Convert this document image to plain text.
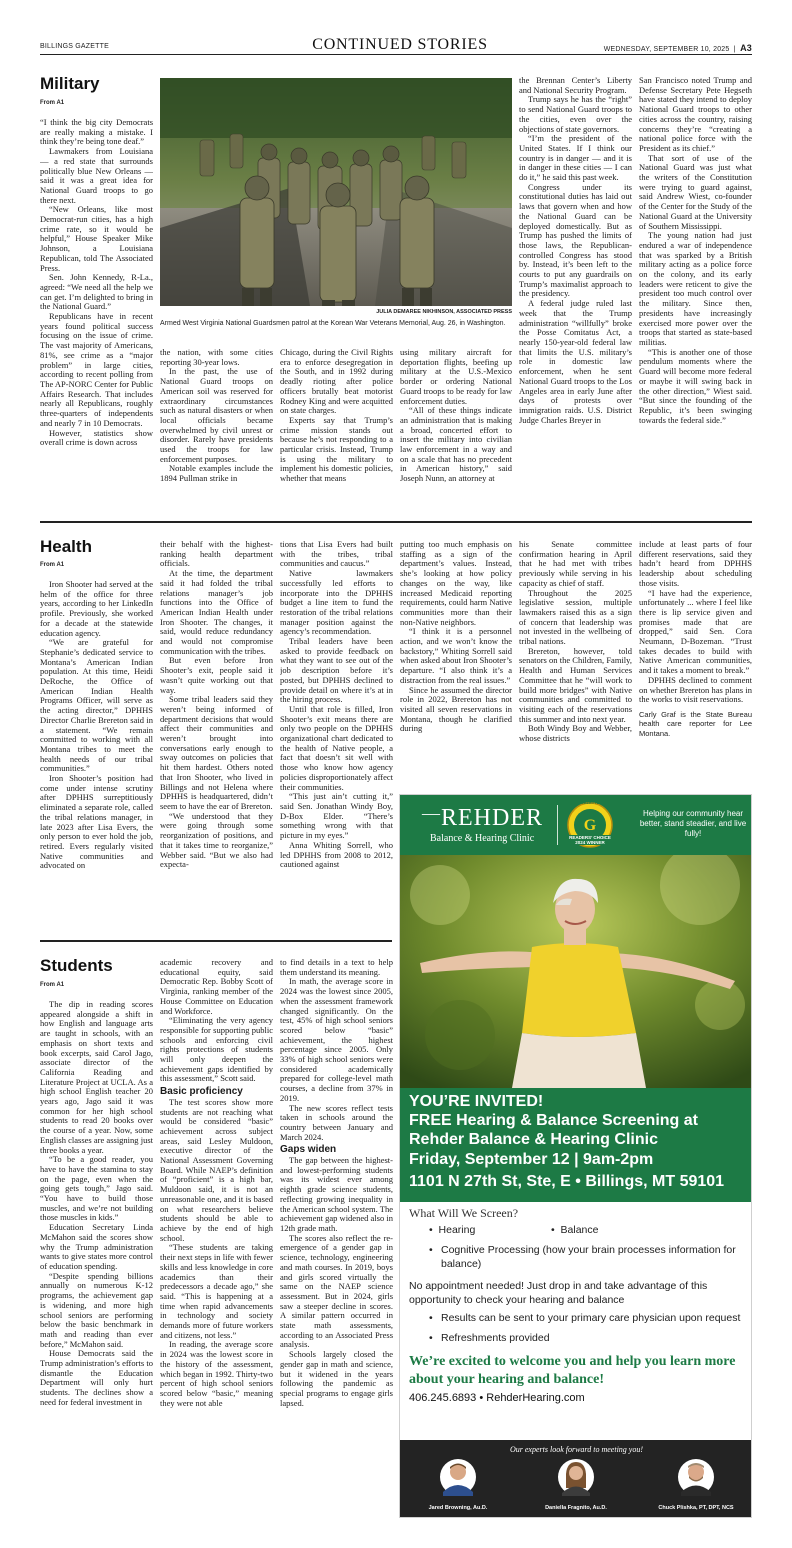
BILLINGS GAZETTE	CONTINUED STORIES	WEDNESDAY, SEPTEMBER 10, 2025  |  A3
Military
From A1

“I think the big city Democrats are really making a mistake. I think they’re being tone deaf.”

Lawmakers from Louisiana — a red state that surrounds politically blue New Orleans — said it was a great idea for National Guard troops to go there next.

“New Orleans, like most Democrat-run cities, has a high crime rate, so it would be helpful,” House Speaker Mike Johnson, a Louisiana Republican, told The Associated Press.

Sen. John Kennedy, R-La., agreed: “We need all the help we can get. I’m delighted to bring in the National Guard.”

Republicans have in recent years found political success focusing on the issue of crime. The vast majority of Americans, 81%, see crime as a “major problem” in large cities, according to recent polling from The AP-NORC Center for Public Affairs Research. That includes nearly all Republicans, roughly three-quarters of independents and nearly 7 in 10 Democrats.

However, statistics show overall crime is down across

JULIA DEMAREE NIKHINSON, ASSOCIATED PRESS
Armed West Virginia National Guardsmen patrol at the Korean War Veterans Memorial, Aug. 26, in Washington.

the nation, with some cities reporting 30-year lows.

In the past, the use of National Guard troops on American soil was reserved for extraordinary circumstances such as natural disasters or when local officials became overwhelmed by civil unrest or disorder. Rarely have presidents used the troops for law enforcement purposes.

Notable examples include the 1894 Pullman strike in

Chicago, during the Civil Rights era to enforce desegregation in the South, and in 1992 during deadly rioting after police officers brutally beat motorist Rodney King and were acquitted on state charges.

Experts say that Trump’s crime mission stands out because he’s not responding to a particular crisis. Instead, Trump is using the military to implement his domestic policies, whether that means

using military aircraft for deportation flights, beefing up military at the U.S.-Mexico border or ordering National Guard troops to be ready for law enforcement duties.

“All of these things indicate an administration that is making a broad, concerted effort to insert the military into civilian law enforcement in a way and on a scale that has no precedent in American history,” said Joseph Nunn, an attorney at

the Brennan Center’s Liberty and National Security Program.

Trump says he has the “right” to send National Guard troops to the cities, even over the objections of state governors.

“I’m the president of the United States. If I think our country is in danger — and it is in danger in these cities — I can do it,” he said this past week.

Congress under its constitutional duties has laid out laws that govern when and how the National Guard can be deployed domestically. But as Trump has pushed the limits of those laws, the Republican-controlled Congress has stood by. Instead, it’s been left to the courts to put any guardrails on Trump’s maximalist approach to the presidency.

A federal judge ruled last week that the Trump administration “willfully” broke the Posse Comitatus Act, a nearly 150-year-old federal law that limits the U.S. military’s role in domestic law enforcement, when he sent National Guard troops to the Los Angeles area in early June after days of protests over immigration raids. U.S. District Judge Charles Breyer in

San Francisco noted Trump and Defense Secretary Pete Hegseth have stated they intend to deploy National Guard troops to other cities across the country, raising concerns they’re “creating a national police force with the President as its chief.”

That sort of use of the National Guard was just what the writers of the Constitution were trying to guard against, said Andrew Wiest, co-founder of the Center for the Study of the National Guard at the University of Southern Mississippi.

The young nation had just endured a war of independence that was sparked by a British military acting as a police force on the colony, and its early leaders were reticent to give the president too much control over the military. Since then, presidents have increasingly exercised more power over the troops that started as state-based militias.

“This is another one of those pendulum moments where the Guard will become more federal or maybe it will swing back in the other direction,” Wiest said. “But since the founding of the Republic, it’s been swinging towards the federal side.”

Health
From A1

Iron Shooter had served at the helm of the office for three years, according to her LinkedIn profile. Previously, she worked for a decade at the statewide education agency.

“We are grateful for Stephanie’s dedicated service to Montana’s American Indian population. At this time, Heidi DeRoche, the Office of American Indian Health Programs Officer, will serve as the acting director,” DPHHS Director Charlie Brereton said in a statement. “We remain committed to working with all Montana tribes to meet the health needs of our tribal communities.”

Iron Shooter’s position had come under intense scrutiny after DPHHS surreptitiously eliminated a separate role, called the tribal relations manager, in late 2023 after Lisa Evers, the only person to ever hold the job, retired. Evers regularly visited Native communities and advocated on

their behalf with the highest-ranking health department officials.

At the time, the department said it had folded the tribal relations manager’s job functions into the Office of American Indian Health under Iron Shooter. The changes, it said, would reduce redundancy and would not compromise communication with the tribes.

But even before Iron Shooter’s exit, people said it wasn’t quite working out that way.

Some tribal leaders said they weren’t being informed of department decisions that would affect their communities and weren’t brought into conversations early enough to sway outcomes on policies that hit them hardest. Others noted that Iron Shooter, who lived in Billings and not Helena where DPHHS is headquartered, didn’t seem to have the ear of Brereton.

“We understood that they were going through some reorganization of positions, and that it takes time to reorganize,” Webber said. “But we also had expecta-

tions that Lisa Evers had built with the tribes, tribal communities and caucus.”

Native lawmakers successfully led efforts to incorporate into the DPHHS budget a line item to fund the restoration of the tribal relations manager position against the agency’s recommendation.

Tribal leaders have been asked to provide feedback on what they want to see out of the job description before it’s posted, but DPHHS declined to provide detail on where it’s at in the hiring process.

Until that role is filled, Iron Shooter’s exit means there are only two people on the DPHHS organizational chart dedicated to the health of Native people, a fact that doesn’t sit well with those who know how agency policies disproportionately affect their communities.

“This just ain’t cutting it,” said Sen. Jonathan Windy Boy, D-Box Elder. “There’s something wrong with that picture in my eyes.”

Anna Whiting Sorrell, who led DPHHS from 2008 to 2012, cautioned against

putting too much emphasis on staffing as a sign of the department’s values. Instead, she’s looking at how policy changes on the way, like increased Medicaid reporting requirements, could harm Native communities more than their non-Native neighbors.

“I think it is a personnel action, and we won’t know the backstory,” Whiting Sorrell said when asked about Iron Shooter’s departure. “I also think it’s a distraction from the real issues.”

Since he assumed the director role in 2022, Brereton has not visited all seven reservations in Montana, though he clarified during

his Senate committee confirmation hearing in April that he had met with tribes previously while serving in his capacity as chief of staff.

Throughout the 2025 legislative session, multiple lawmakers raised this as a sign of concern that leadership was not invested in the wellbeing of tribal nations.

Brereton, however, told senators on the Children, Family, Health and Human Services Committee that he “will work to build more bridges” with Native communities and committed to visiting each of the reservations this summer and into next year.

Both Windy Boy and Webber, whose districts

include at least parts of four different reservations, said they hadn’t heard from DPHHS leadership about scheduling those visits.

“I have had the experience, unfortunately ... where I feel like there is lip service given and promises made that are dropped,” said Sen. Cora Neumann, D-Bozeman. “Trust takes decades to build with Native American communities, and it takes a moment to break.”

DPHHS declined to comment on whether Brereton has plans in the works to visit reservations.

Carly Graf is the State Bureau health care reporter for Lee Montana.

Students
From A1

The dip in reading scores appeared alongside a shift in how English and language arts are taught in schools, with an emphasis on short texts and book excerpts, said Carol Jago, associate director of the California Reading and Literature Project at UCLA. As a high school English teacher 20 years ago, Jago said it was common for her high school students to read 20 books over the course of a year. Now, some English classes are assigning just three books a year.

“To be a good reader, you have to have the stamina to stay on the page, even when the going gets tough,” Jago said. “You have to build those muscles, and we’re not building those muscles in kids.”

Education Secretary Linda McMahon said the scores show why the Trump administration wants to give states more control of education spending.

“Despite spending billions annually on numerous K-12 programs, the achievement gap is widening, and more high school seniors are performing below the basic benchmark in math and reading than ever before,” McMahon said.

House Democrats said the Trump administration’s efforts to dismantle the Education Department will only hurt students. The declines show a need for federal investment in

academic recovery and educational equity, said Democratic Rep. Bobby Scott of Virginia, ranking member of the House Committee on Education and Workforce.

“Eliminating the very agency responsible for supporting public schools and enforcing civil rights protections of students will only deepen the achievement gaps identified by this assessment,” Scott said.

Basic proficiency

The test scores show more students are not reaching what would be considered “basic” achievement across subject areas, said Lesley Muldoon, executive director of the National Assessment Governing Board. While NAEP’s definition of “proficient” is a high bar, Muldoon said, it is not an unreasonable one, and it is based on what researchers believe students should be able to achieve by the end of high school.

“These students are taking their next steps in life with fewer skills and less knowledge in core academics than their predecessors a decade ago,” she said. “This is happening at a time when rapid advancements in technology and society demands more of future workers and citizens, not less.”

In reading, the average score in 2024 was the lowest score in the history of the assessment, which began in 1992. Thirty-two percent of high school seniors scored below “basic,” meaning they were not able

to find details in a text to help them understand its meaning.

In math, the average score in 2024 was the lowest since 2005, when the assessment framework changed significantly. On the test, 45% of high school seniors scored below “basic” achievement, the highest percentage since 2005. Only 33% of high school seniors were considered academically prepared for college-level math courses, a decline from 37% in 2019.

The new scores reflect tests taken in schools around the country between January and March 2024.

Gaps widen

The gap between the highest- and lowest-performing students was its widest ever among eighth grade science students, reflecting growing inequality in the American school system. The achievement gap widened also in 12th grade math.

The scores also reflect the re-emergence of a gender gap in science, technology, engineering and math courses. In 2019, boys and girls scored virtually the same on the NAEP science assessment. But in 2024, girls saw a steeper decline in scores. A similar pattern occurred in state math assessments, according to an Associated Press analysis.

Schools largely closed the gender gap in math and science, but it widened in the years following the pandemic as special programs to engage girls lapsed.

—REHDER
Balance & Hearing Clinic
G
READERS’ CHOICE
2024 WINNER
GAZETTE
Helping our community hear better, stand steadier, and live fully!
YOU’RE INVITED!
FREE Hearing & Balance Screening at
Rehder Balance & Hearing Clinic
Friday, September 12 | 9am-2pm
1101 N 27th St, Ste, E • Billings, MT 59101
What Will We Screen?
•  Hearing	•  Balance
• Cognitive Processing (how your brain processes information for balance)
No appointment needed! Just drop in and take advantage of this opportunity to check your hearing and balance
• Results can be sent to your primary care physician upon request
• Refreshments provided
We’re excited to welcome you and help you learn more about your hearing and balance!
406.245.6893 • RehderHearing.com
Our experts look forward to meeting you!
Jared Browning, Au.D.	Daniella Fragnito, Au.D.	Chuck Plishka, PT, DPT, NCS
